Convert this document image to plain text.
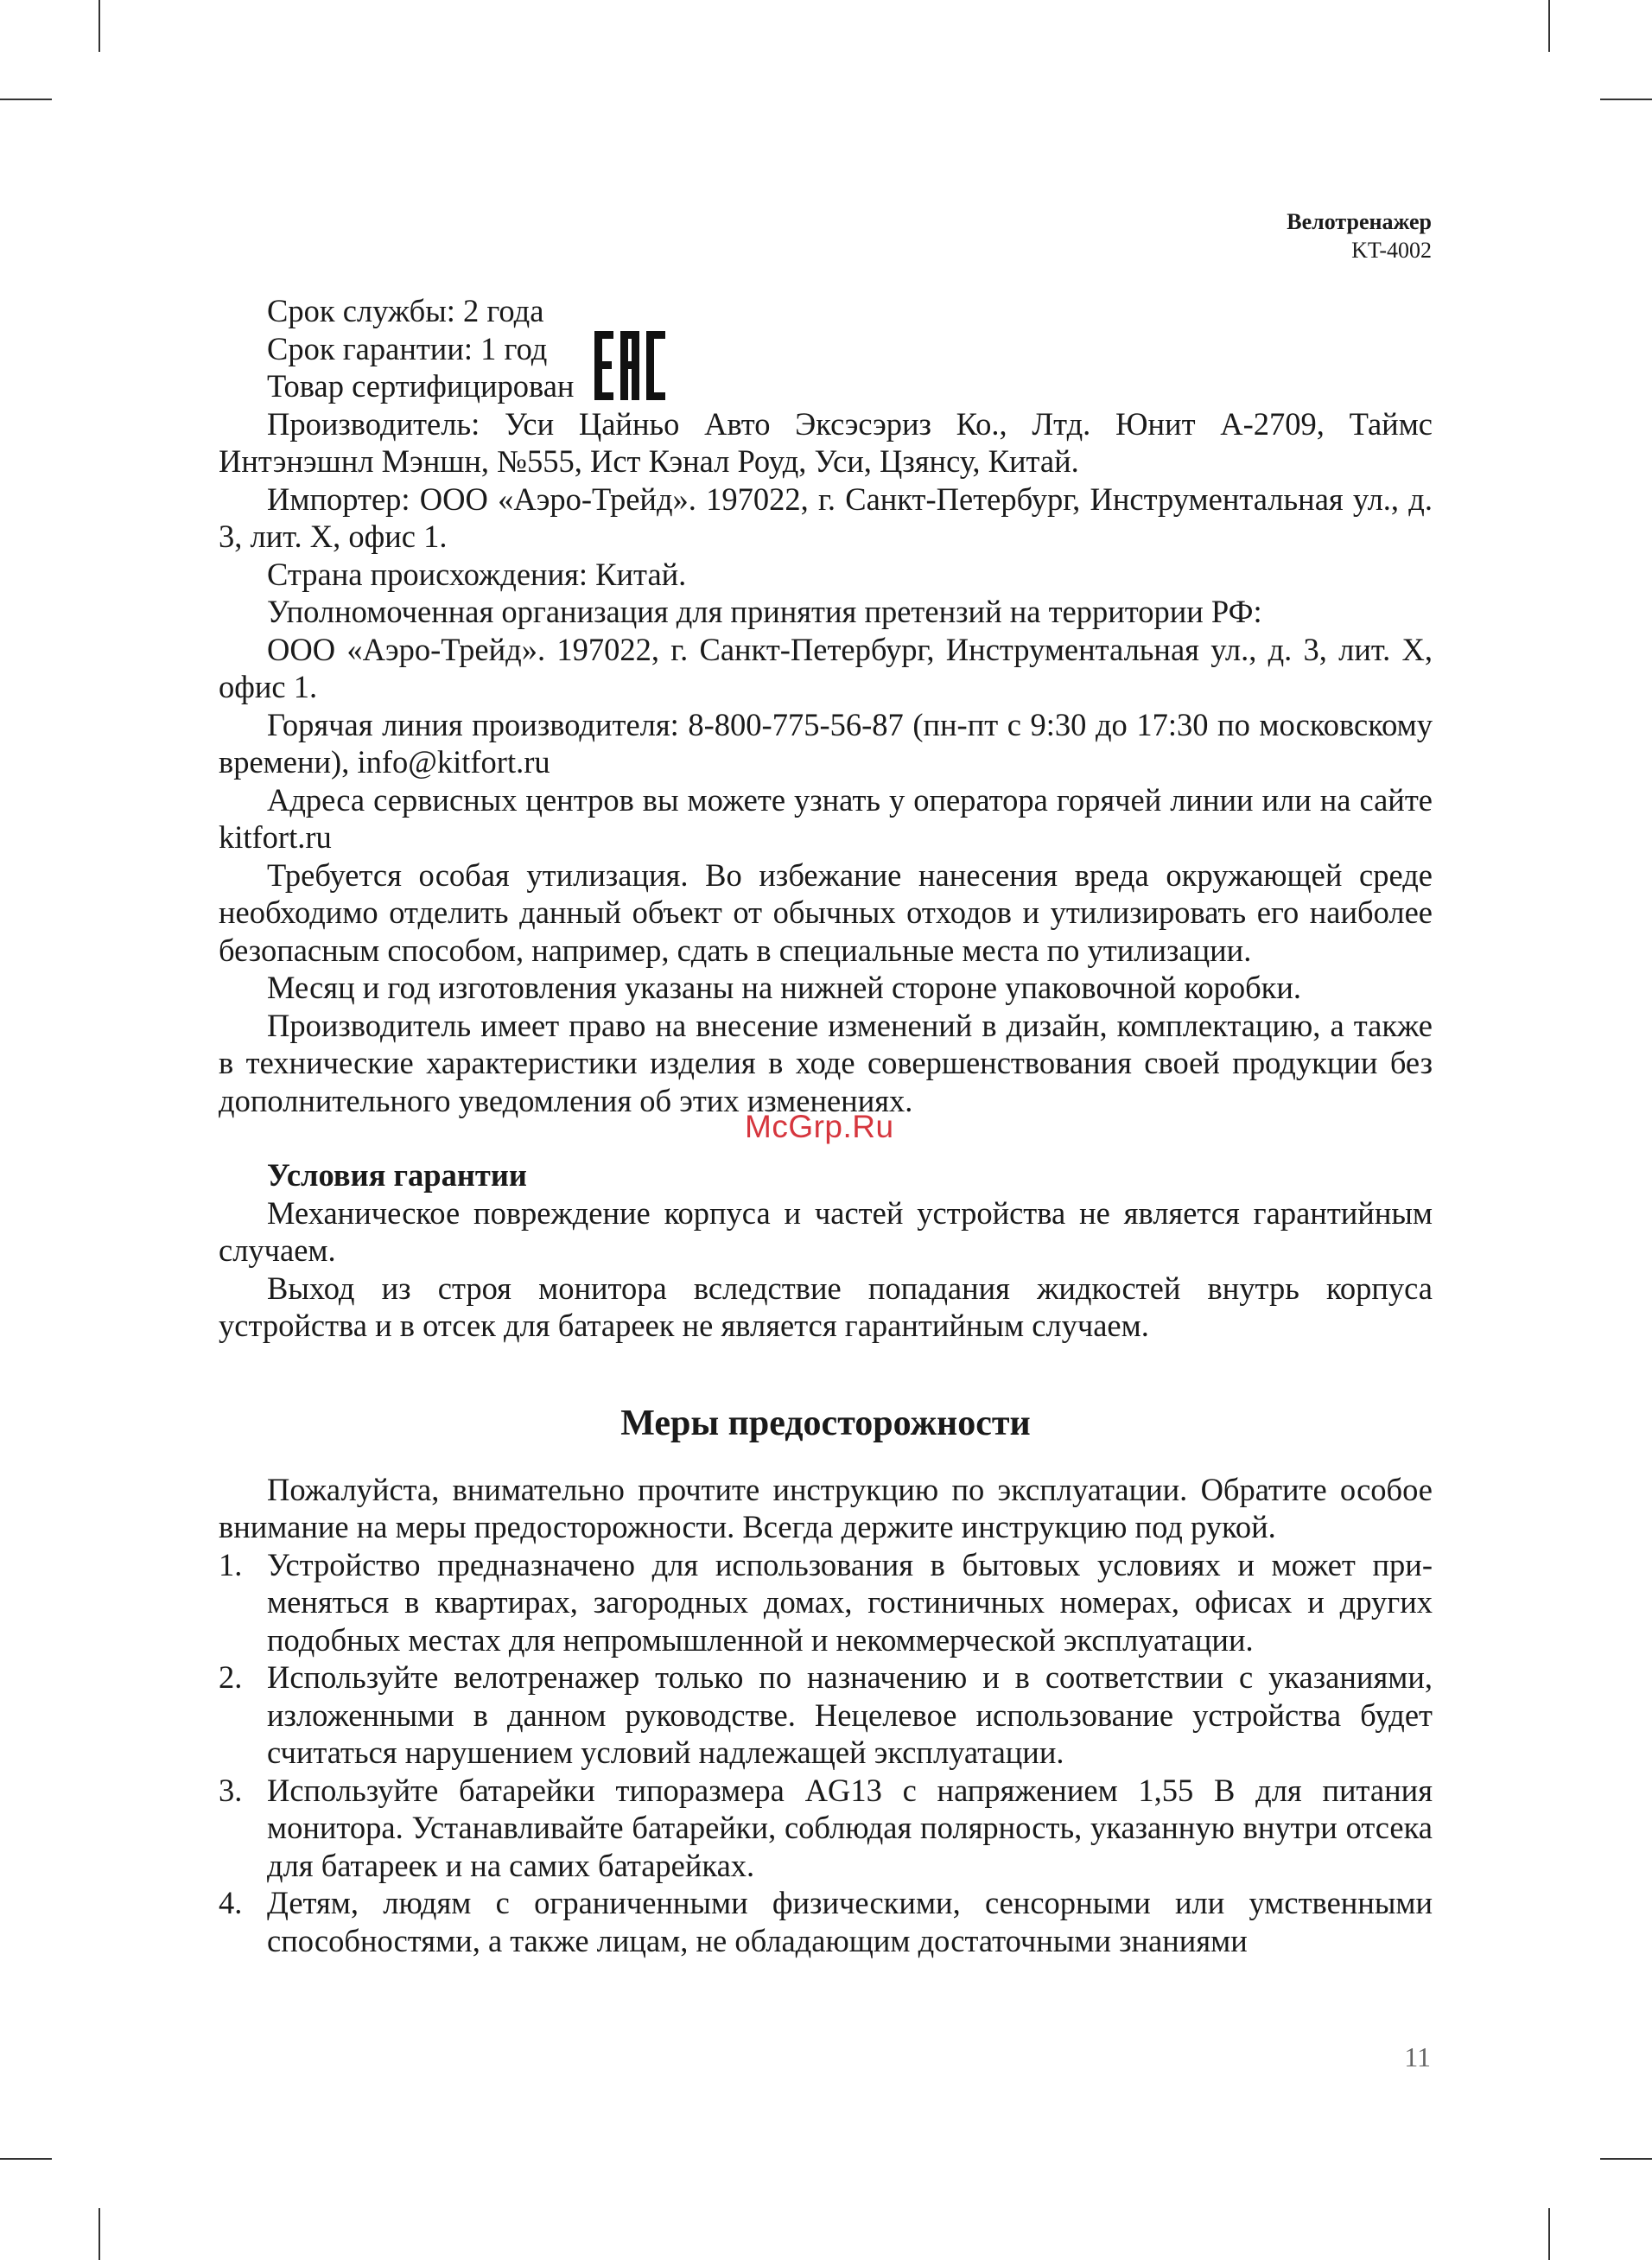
Велотренажер
KT-4002
Срок службы: 2 года
Срок гарантии: 1 год
Товар сертифицирован

Производитель: Уси Цайньо Авто Эксэсэриз Ко., Лтд. Юнит A-2709, Таймс Интэнэшнл Мэншн, №555, Ист Кэнал Роуд, Уси, Цзянсу, Китай.

Импортер: ООО «Аэро-Трейд». 197022, г. Санкт-Петербург, Инструментальная ул., д. 3, лит. Х, офис 1.

Страна происхождения: Китай.

Уполномоченная организация для принятия претензий на территории РФ:

ООО «Аэро-Трейд». 197022, г. Санкт-Петербург, Инструментальная ул., д. 3, лит. Х, офис 1.

Горячая линия производителя: 8-800-775-56-87 (пн-пт с 9:30 до 17:30 по московскому времени), info@kitfort.ru

Адреса сервисных центров вы можете узнать у оператора горячей линии или на сайте kitfort.ru

Требуется особая утилизация. Во избежание нанесения вреда окружающей среде необходимо отделить данный объект от обычных отходов и утилизировать его наиболее безопасным способом, например, сдать в специальные места по утилизации.

Месяц и год изготовления указаны на нижней стороне упаковочной коробки.

Производитель имеет право на внесение изменений в дизайн, комплектацию, а также в технические характеристики изделия в ходе совершенствования своей продукции без дополнительного уведомления об этих изменениях.

Условия гарантии

Механическое повреждение корпуса и частей устройства не является гарантийным случаем.

Выход из строя монитора вследствие попадания жидкостей внутрь корпуса устройства и в отсек для батареек не является гарантийным случаем.

Меры предосторожности

Пожалуйста, внимательно прочтите инструкцию по эксплуатации. Обратите особое внимание на меры предосторожности. Всегда держите инструкцию под рукой.

1. Устройство предназначено для использования в бытовых условиях и может применяться в квартирах, загородных домах, гостиничных номерах, офисах и других подобных местах для непромышленной и некоммерческой эксплуатации.
2. Используйте велотренажер только по назначению и в соответствии с указаниями, изложенными в данном руководстве. Нецелевое использование устройства будет считаться нарушением условий надлежащей эксплуатации.
3. Используйте батарейки типоразмера AG13 с напряжением 1,55 В для питания монитора. Устанавливайте батарейки, соблюдая полярность, указанную внутри отсека для батареек и на самих батарейках.
4. Детям, людям с ограниченными физическими, сенсорными или умственными способностями, а также лицам, не обладающим достаточными знаниями
McGrp.Ru
11
